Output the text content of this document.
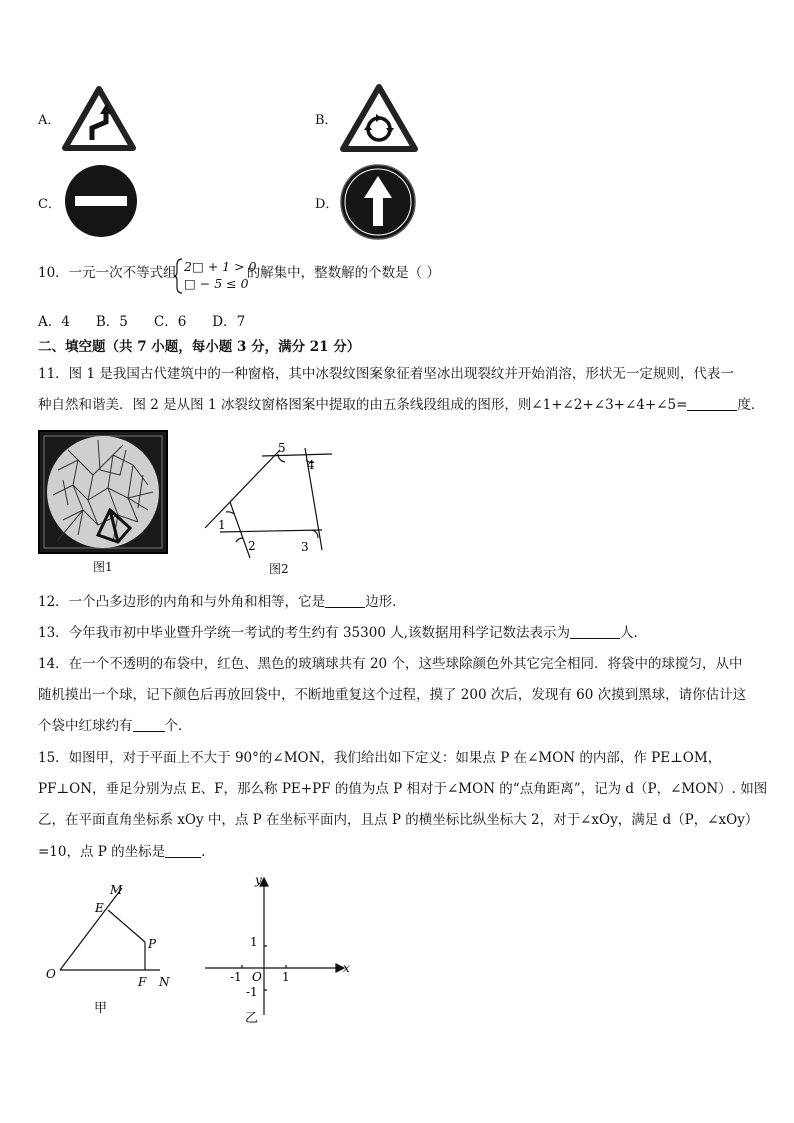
A．	B．
C．	D．
10．一元一次不等式组	的解集中，整数解的个数是（ ）
2□ + 1 > 0
□ − 5 ≤ 0
A．4 B．5 C．6 D．7
二、填空题（共 7 小题，每小题 3 分，满分 21 分）
11．图 1 是我国古代建筑中的一种窗格，其中冰裂纹图案象征着坚冰出现裂纹并开始消溶，形状无一定规则，代表一
种自然和谐美．图 2 是从图 1 冰裂纹窗格图案中提取的由五条线段组成的图形，则∠1+∠2+∠3+∠4+∠5=	度．
图1
1
2	3
4
5
图2
12．一个凸多边形的内角和与外角和相等，它是	边形．
13．今年我市初中毕业暨升学统一考试的考生约有 35300 人,该数据用科学记数法表示为	人.
14．在一个不透明的布袋中，红色、黑色的玻璃球共有 20 个，这些球除颜色外其它完全相同．将袋中的球搅匀，从中
随机摸出一个球，记下颜色后再放回袋中，不断地重复这个过程，摸了 200 次后，发现有 60 次摸到黑球，请你估计这
个袋中红球约有 个．
15．如图甲，对于平面上不大于 90°的∠MON，我们给出如下定义：如果点 P 在∠MON 的内部，作 PE⊥OM，
PF⊥ON，垂足分别为点 E、F，那么称 PE+PF 的值为点 P 相对于∠MON 的“点角距离”，记为 d（P，∠MON）. 如图
乙，在平面直角坐标系 xOy 中，点 P 在坐标平面内，且点 P 的横坐标比纵坐标大 2，对于∠xOy，满足 d（P，∠xOy）
=10，点 P 的坐标是	.
M
E
P
O
F N
甲
x
y
1
-1
O 1
-1
乙
